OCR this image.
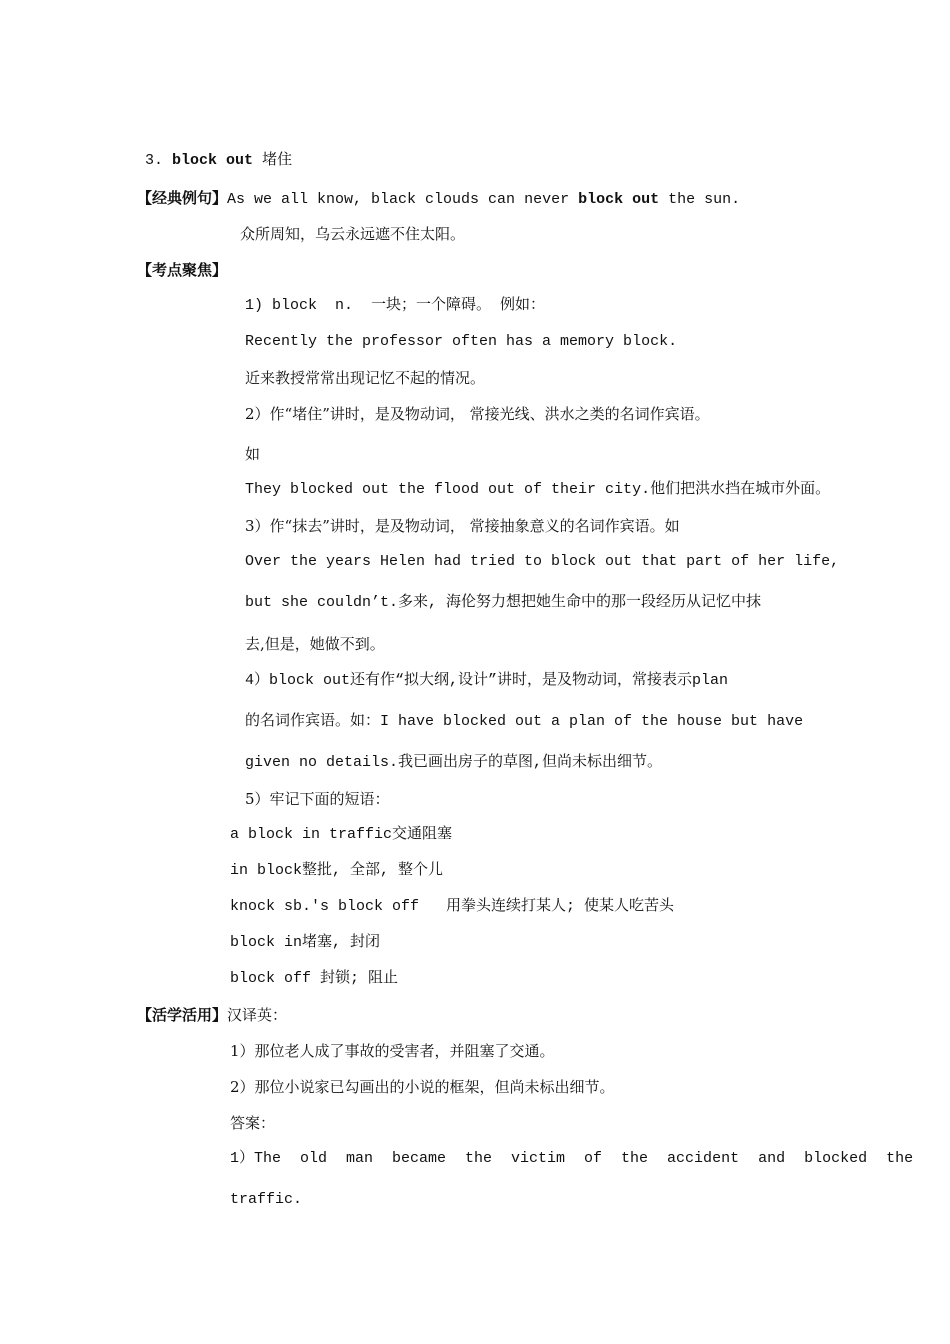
3. block out 堵住
【经典例句】As we all know, black clouds can never block out the sun.
众所周知，乌云永远遮不住太阳。
【考点聚焦】
1) block  n.  一块；一个障碍。 例如：
Recently the professor often has a memory block.
近来教授常常出现记忆不起的情况。
2）作“堵住”讲时，是及物动词， 常接光线、洪水之类的名词作宾语。
如
They blocked out the flood out of their city.他们把洪水挡在城市外面。
3）作“抹去”讲时，是及物动词， 常接抽象意义的名词作宾语。如
Over the years Helen had tried to block out that part of her life,
but she couldn’t.多来, 海伦努力想把她生命中的那一段经历从记忆中抹
去,但是，她做不到。
4）block out还有作“拟大纲,设计”讲时，是及物动词，常接表示plan
的名词作宾语。如：I have blocked out a plan of the house but have
given no details.我已画出房子的草图,但尚未标出细节。
5）牢记下面的短语：
a block in traffic交通阻塞
in block整批, 全部, 整个儿
knock sb.'s block off   用拳头连续打某人; 使某人吃苦头
block in堵塞, 封闭
block off 封锁; 阻止
【活学活用】汉译英：
1）那位老人成了事故的受害者，并阻塞了交通。
2）那位小说家已勾画出的小说的框架，但尚未标出细节。
答案：
1）The old man became the victim of the accident and blocked the
traffic.
